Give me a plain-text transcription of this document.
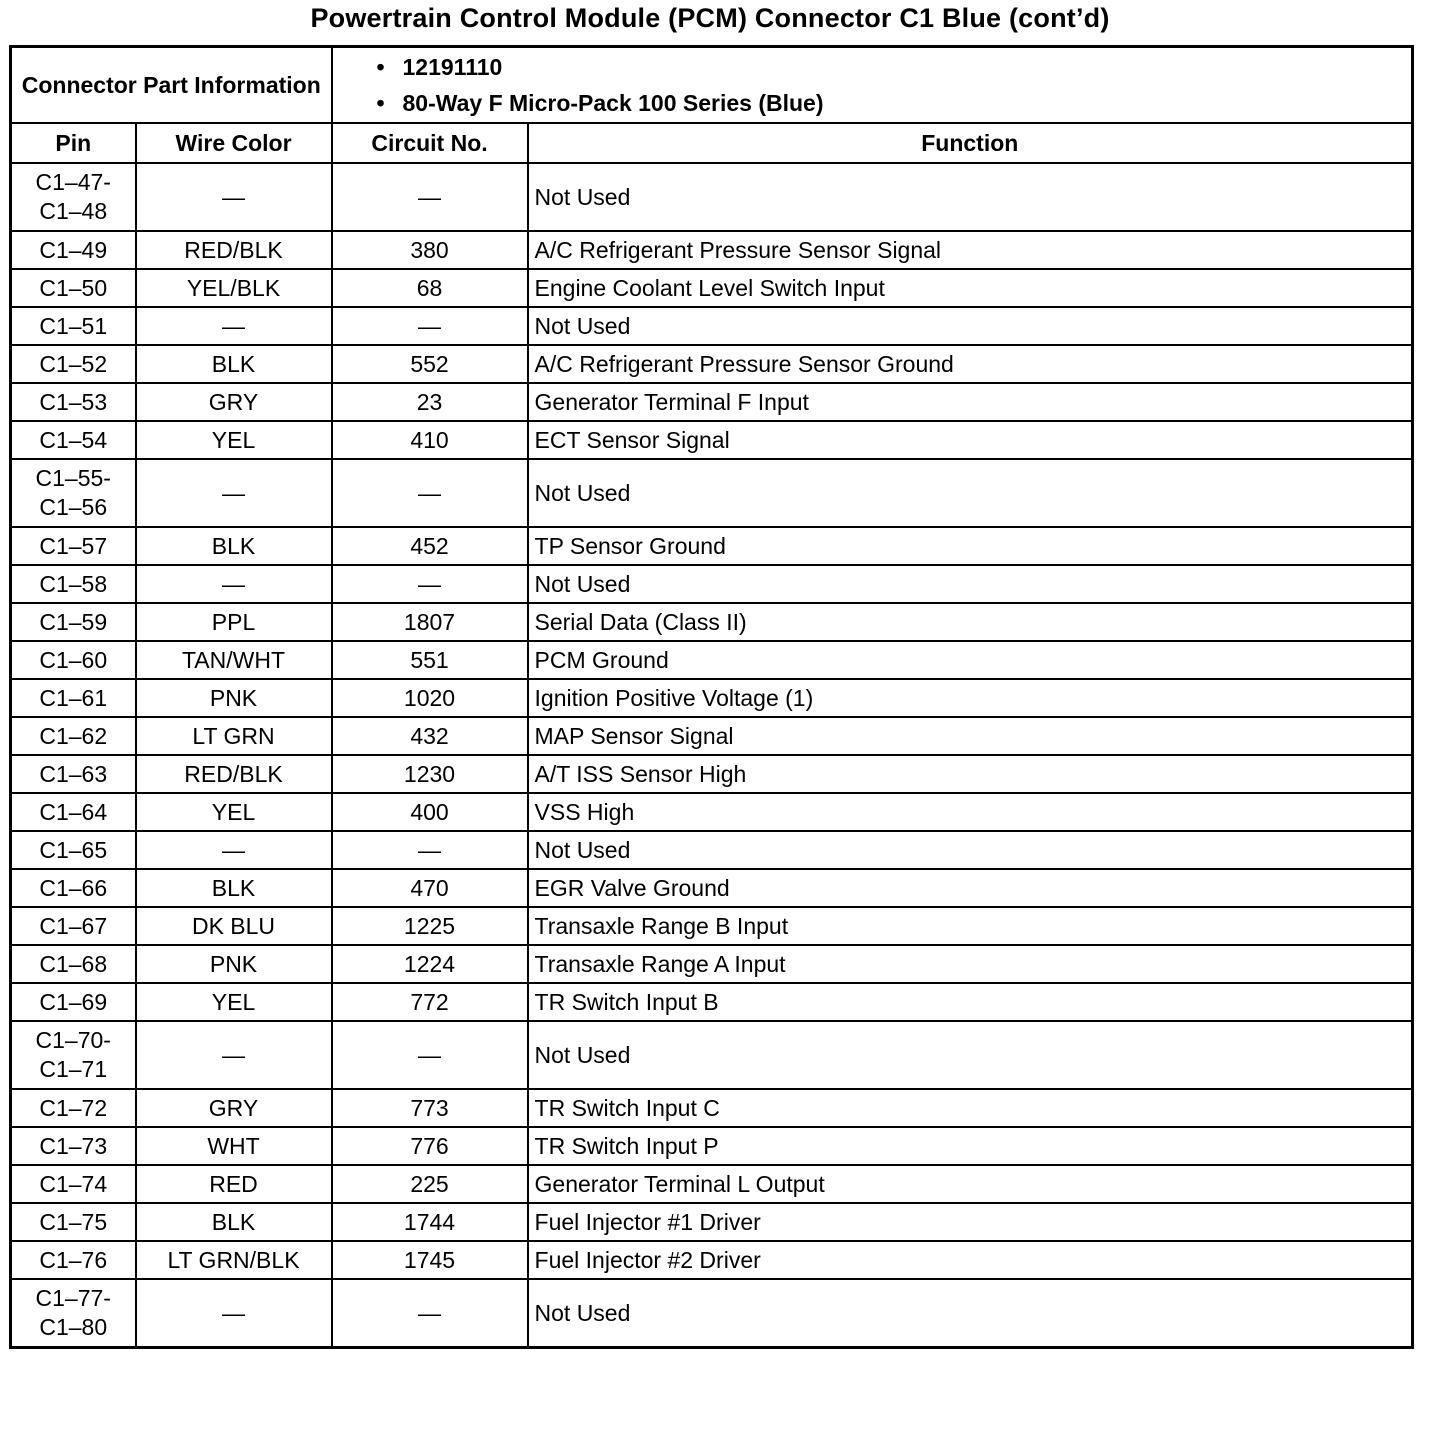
Powertrain Control Module (PCM) Connector C1 Blue (cont’d)
Connector Part Information		• 12191110
• 80-Way F Micro-Pack 100 Series (Blue)	

Pin	Wire Color	Circuit No.	Function

C1–47-
C1–48	—	—	Not Used

C1–49	RED/BLK	380	A/C Refrigerant Pressure Sensor Signal

C1–50	YEL/BLK	68	Engine Coolant Level Switch Input

C1–51	—	—	Not Used

C1–52	BLK	552	A/C Refrigerant Pressure Sensor Ground

C1–53	GRY	23	Generator Terminal F Input

C1–54	YEL	410	ECT Sensor Signal

C1–55-
C1–56	—	—	Not Used

C1–57	BLK	452	TP Sensor Ground

C1–58	—	—	Not Used

C1–59	PPL	1807	Serial Data (Class II)

C1–60	TAN/WHT	551	PCM Ground

C1–61	PNK	1020	Ignition Positive Voltage (1)

C1–62	LT GRN	432	MAP Sensor Signal

C1–63	RED/BLK	1230	A/T ISS Sensor High

C1–64	YEL	400	VSS High

C1–65	—	—	Not Used

C1–66	BLK	470	EGR Valve Ground

C1–67	DK BLU	1225	Transaxle Range B Input

C1–68	PNK	1224	Transaxle Range A Input

C1–69	YEL	772	TR Switch Input B

C1–70-
C1–71	—	—	Not Used

C1–72	GRY	773	TR Switch Input C

C1–73	WHT	776	TR Switch Input P

C1–74	RED	225	Generator Terminal L Output

C1–75	BLK	1744	Fuel Injector #1 Driver

C1–76	LT GRN/BLK	1745	Fuel Injector #2 Driver

C1–77-
C1–80	—	—	Not Used
